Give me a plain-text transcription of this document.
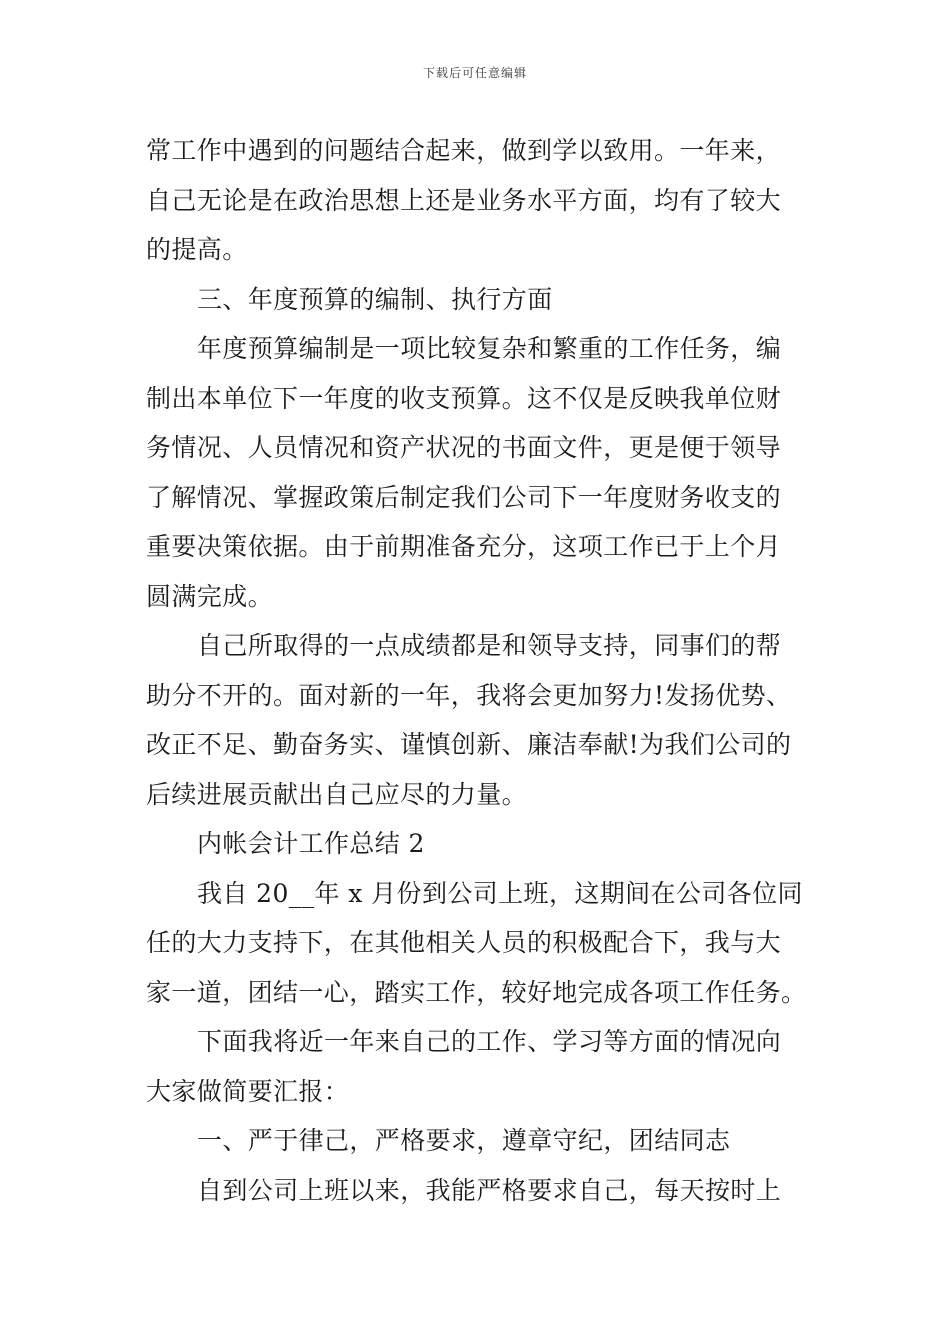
下载后可任意编辑
常工作中遇到的问题结合起来，做到学以致用。一年来，
自己无论是在政治思想上还是业务水平方面，均有了较大
的提高。
三、年度预算的编制、执行方面
年度预算编制是一项比较复杂和繁重的工作任务，编
制出本单位下一年度的收支预算。这不仅是反映我单位财
务情况、人员情况和资产状况的书面文件，更是便于领导
了解情况、掌握政策后制定我们公司下一年度财务收支的
重要决策依据。由于前期准备充分，这项工作已于上个月
圆满完成。
自己所取得的一点成绩都是和领导支持，同事们的帮
助分不开的。面对新的一年，我将会更加努力!发扬优势、
改正不足、勤奋务实、谨慎创新、廉洁奉献!为我们公司的
后续进展贡献出自己应尽的力量。
内帐会计工作总结 2
我自 20__年 x 月份到公司上班，这期间在公司各位同
任的大力支持下，在其他相关人员的积极配合下，我与大
家一道，团结一心，踏实工作，较好地完成各项工作任务。
下面我将近一年来自己的工作、学习等方面的情况向
大家做简要汇报：
一、严于律己，严格要求，遵章守纪，团结同志
自到公司上班以来，我能严格要求自己，每天按时上
